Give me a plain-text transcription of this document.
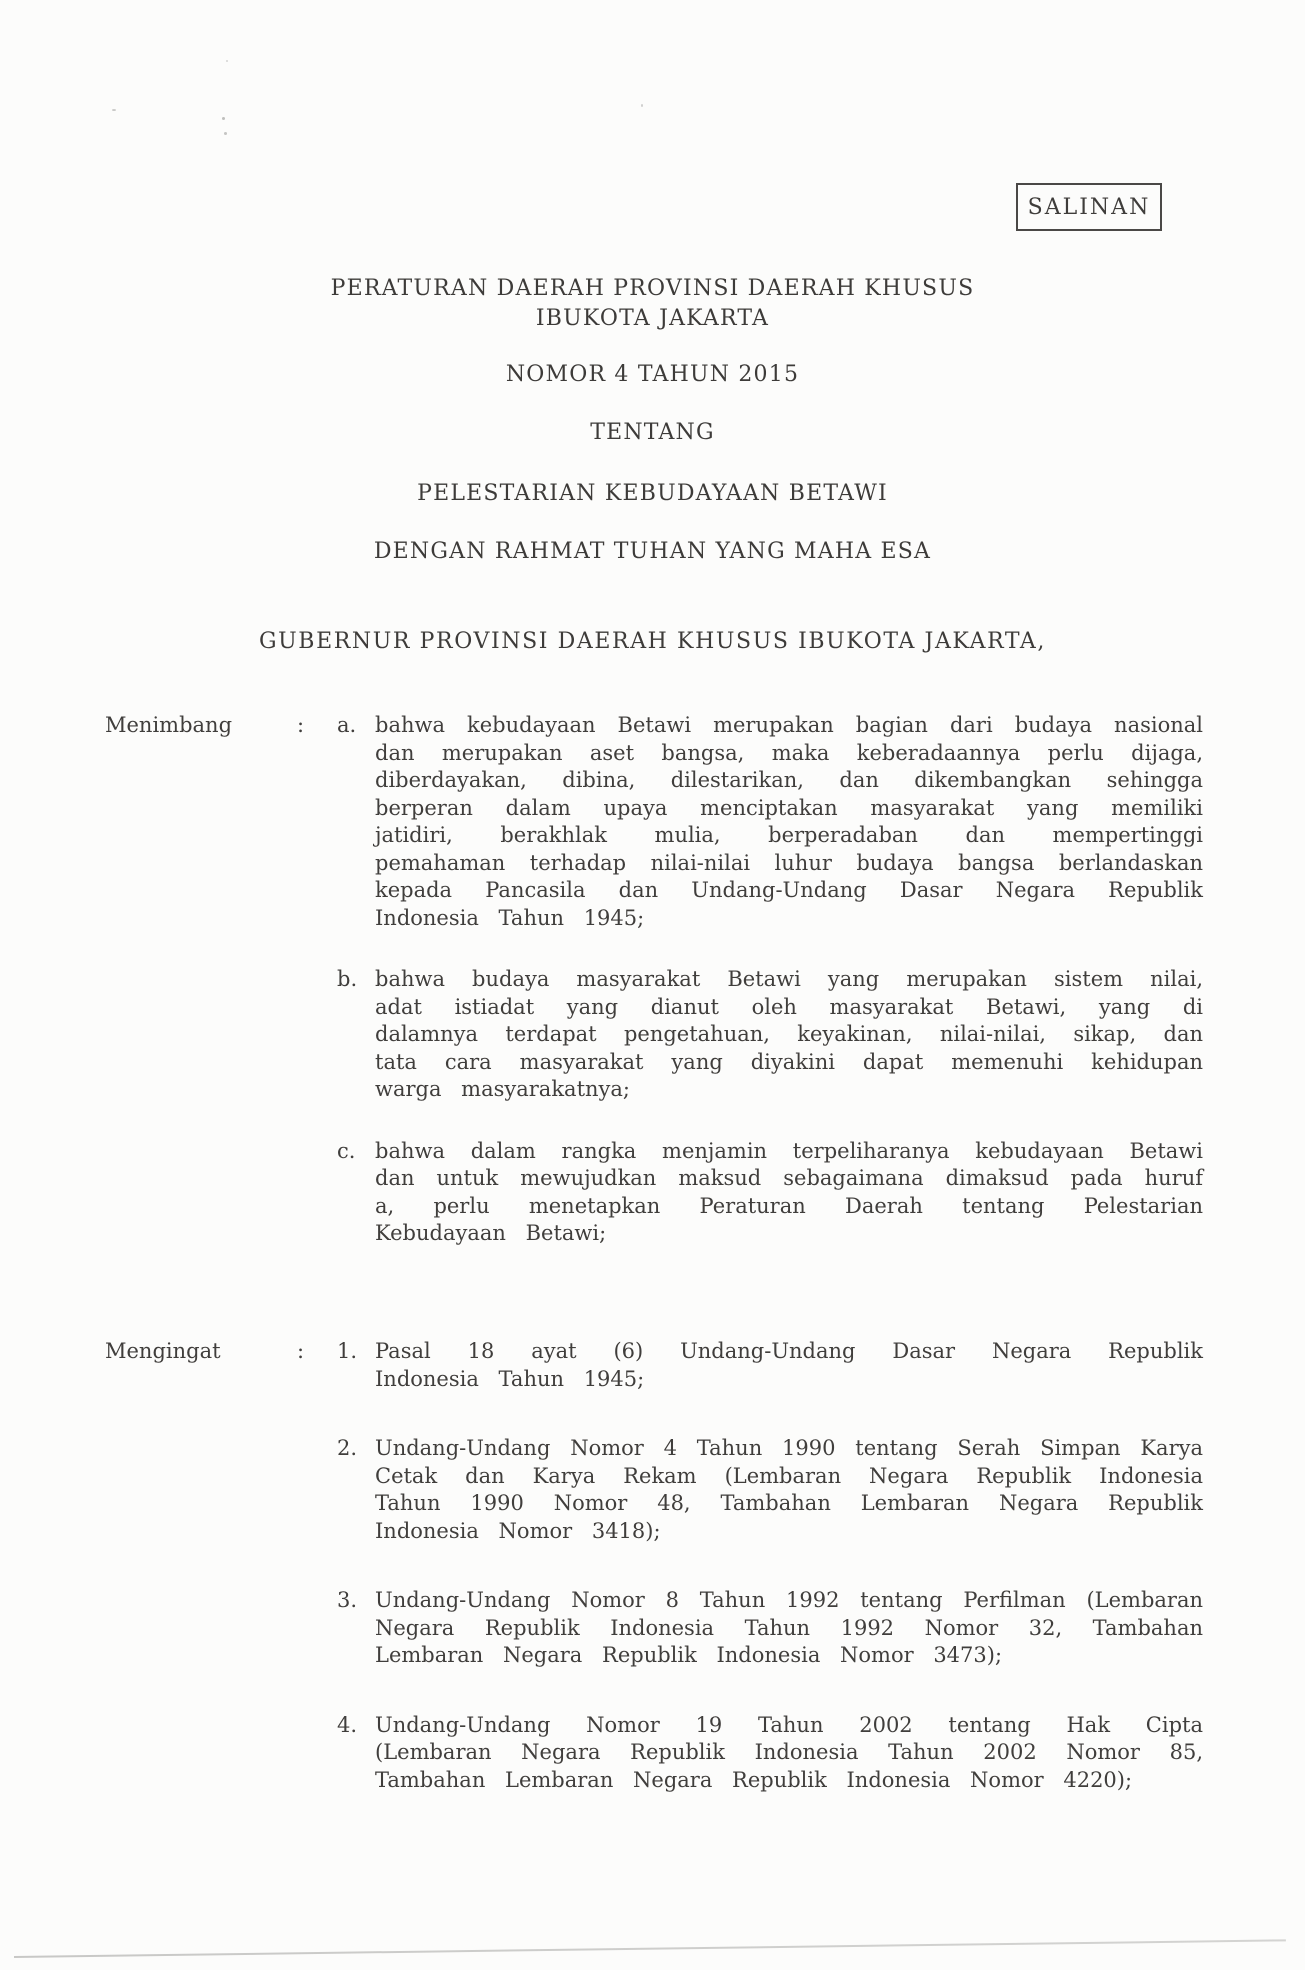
SALINAN
PERATURAN DAERAH PROVINSI DAERAH KHUSUS
IBUKOTA JAKARTA
NOMOR 4 TAHUN 2015
TENTANG
PELESTARIAN KEBUDAYAAN BETAWI
DENGAN RAHMAT TUHAN YANG MAHA ESA
GUBERNUR PROVINSI DAERAH KHUSUS IBUKOTA JAKARTA,
Menimbang	:	a. bahwa kebudayaan Betawi merupakan bagian dari budaya nasional dan merupakan aset bangsa, maka keberadaannya perlu dijaga, diberdayakan, dibina, dilestarikan, dan dikembangkan sehingga berperan dalam upaya menciptakan masyarakat yang memiliki jatidiri, berakhlak mulia, berperadaban dan mempertinggi pemahaman terhadap nilai-nilai luhur budaya bangsa berlandaskan kepada Pancasila dan Undang-Undang Dasar Negara Republik Indonesia Tahun 1945;
b. bahwa budaya masyarakat Betawi yang merupakan sistem nilai, adat istiadat yang dianut oleh masyarakat Betawi, yang di dalamnya terdapat pengetahuan, keyakinan, nilai-nilai, sikap, dan tata cara masyarakat yang diyakini dapat memenuhi kehidupan warga masyarakatnya;
c. bahwa dalam rangka menjamin terpeliharanya kebudayaan Betawi dan untuk mewujudkan maksud sebagaimana dimaksud pada huruf a, perlu menetapkan Peraturan Daerah tentang Pelestarian Kebudayaan Betawi;
Mengingat	:	1. Pasal 18 ayat (6) Undang-Undang Dasar Negara Republik Indonesia Tahun 1945;
2. Undang-Undang Nomor 4 Tahun 1990 tentang Serah Simpan Karya Cetak dan Karya Rekam (Lembaran Negara Republik Indonesia Tahun 1990 Nomor 48, Tambahan Lembaran Negara Republik Indonesia Nomor 3418);
3. Undang-Undang Nomor 8 Tahun 1992 tentang Perfilman (Lembaran Negara Republik Indonesia Tahun 1992 Nomor 32, Tambahan Lembaran Negara Republik Indonesia Nomor 3473);
4. Undang-Undang Nomor 19 Tahun 2002 tentang Hak Cipta (Lembaran Negara Republik Indonesia Tahun 2002 Nomor 85, Tambahan Lembaran Negara Republik Indonesia Nomor 4220);
